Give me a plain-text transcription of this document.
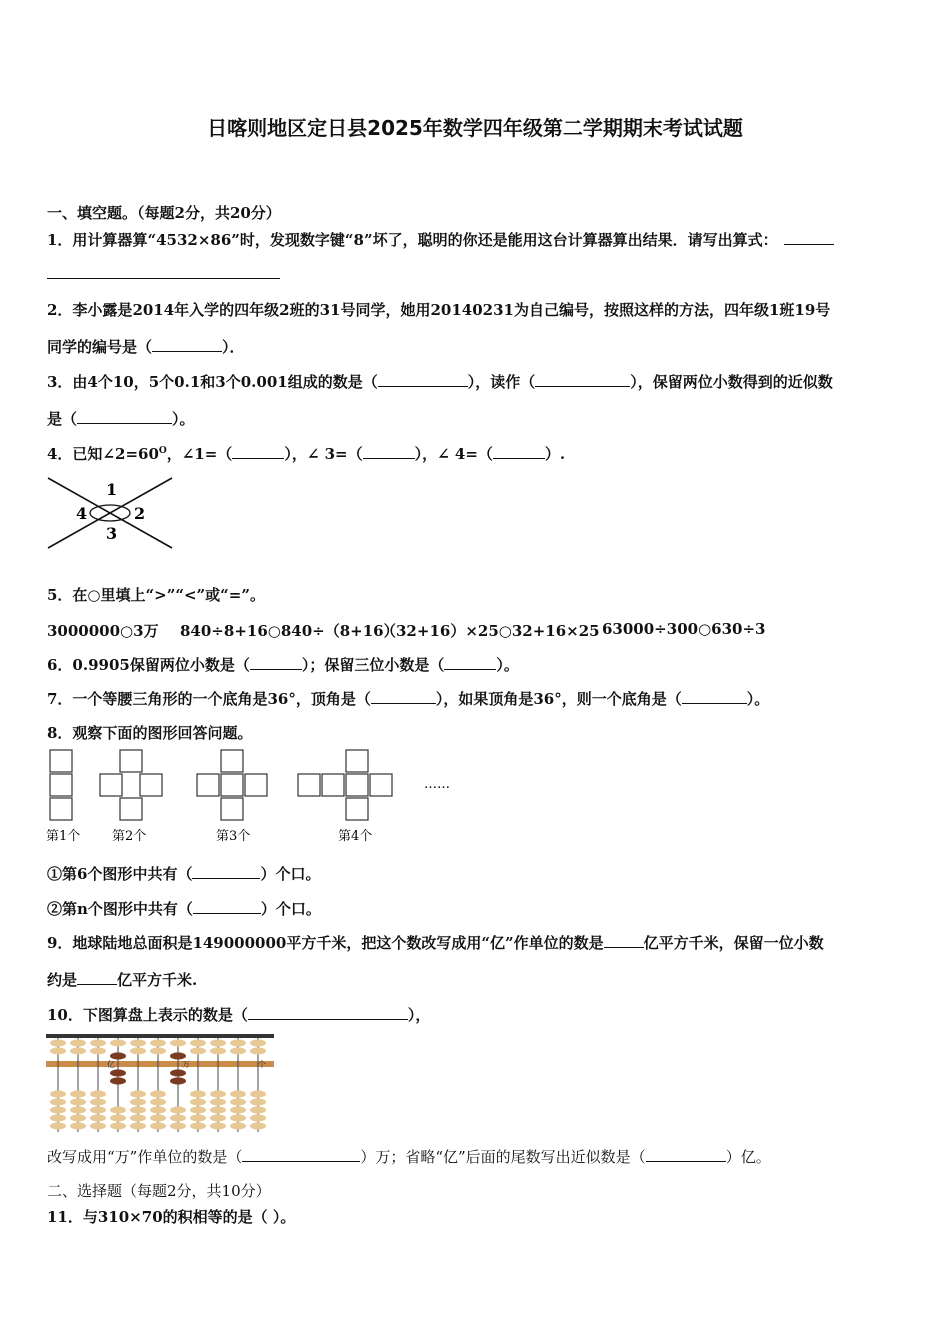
日喀则地区定日县2025年数学四年级第二学期期末考试试题
一、填空题。（每题2分，共20分）
1．用计算器算“4532×86”时，发现数字键“8”坏了，聪明的你还是能用这台计算器算出结果．请写出算式：
2．李小露是2014年入学的四年级2班的31号同学，她用20140231为自己编号，按照这样的方法，四年级1班19号
同学的编号是（	）．
3．由4个10，5个0.1和3个0.001组成的数是（	），读作（	），保留两位小数得到的近似数
是（	）。
4．已知$\angle 2=60^O$，∠1=（	），∠ 3=（	），∠ 4=（	）.
1
2
3
4
5．在○里填上“>”“<”或“=”。
3000000○3万 840÷8+16○840÷（8+16）
（32+16）×25○32+16×25 63000÷300○630÷3
6．0.9905保留两位小数是（	）；保留三位小数是（	）。
7．一个等腰三角形的一个底角是36°，顶角是（	），如果顶角是36°，则一个底角是（	）。
8．观察下面的图形回答问题。
……
第1个 第2个	第3个	第4个
①第6个图形中共有（	）个口。
②第n个图形中共有（	）个口。
9．地球陆地总面积是149000000平方千米，把这个数改写成用“亿”作单位的数是	亿平方千米，保留一位小数
约是	亿平方千米.
10．下图算盘上表示的数是（	），
亿	万	个
改写成用“万”作单位的数是（	）万；省略“亿”后面的尾数写出近似数是（	）亿。
二、选择题（每题2分，共10分）
11．与310×70的积相等的是（ ）。
